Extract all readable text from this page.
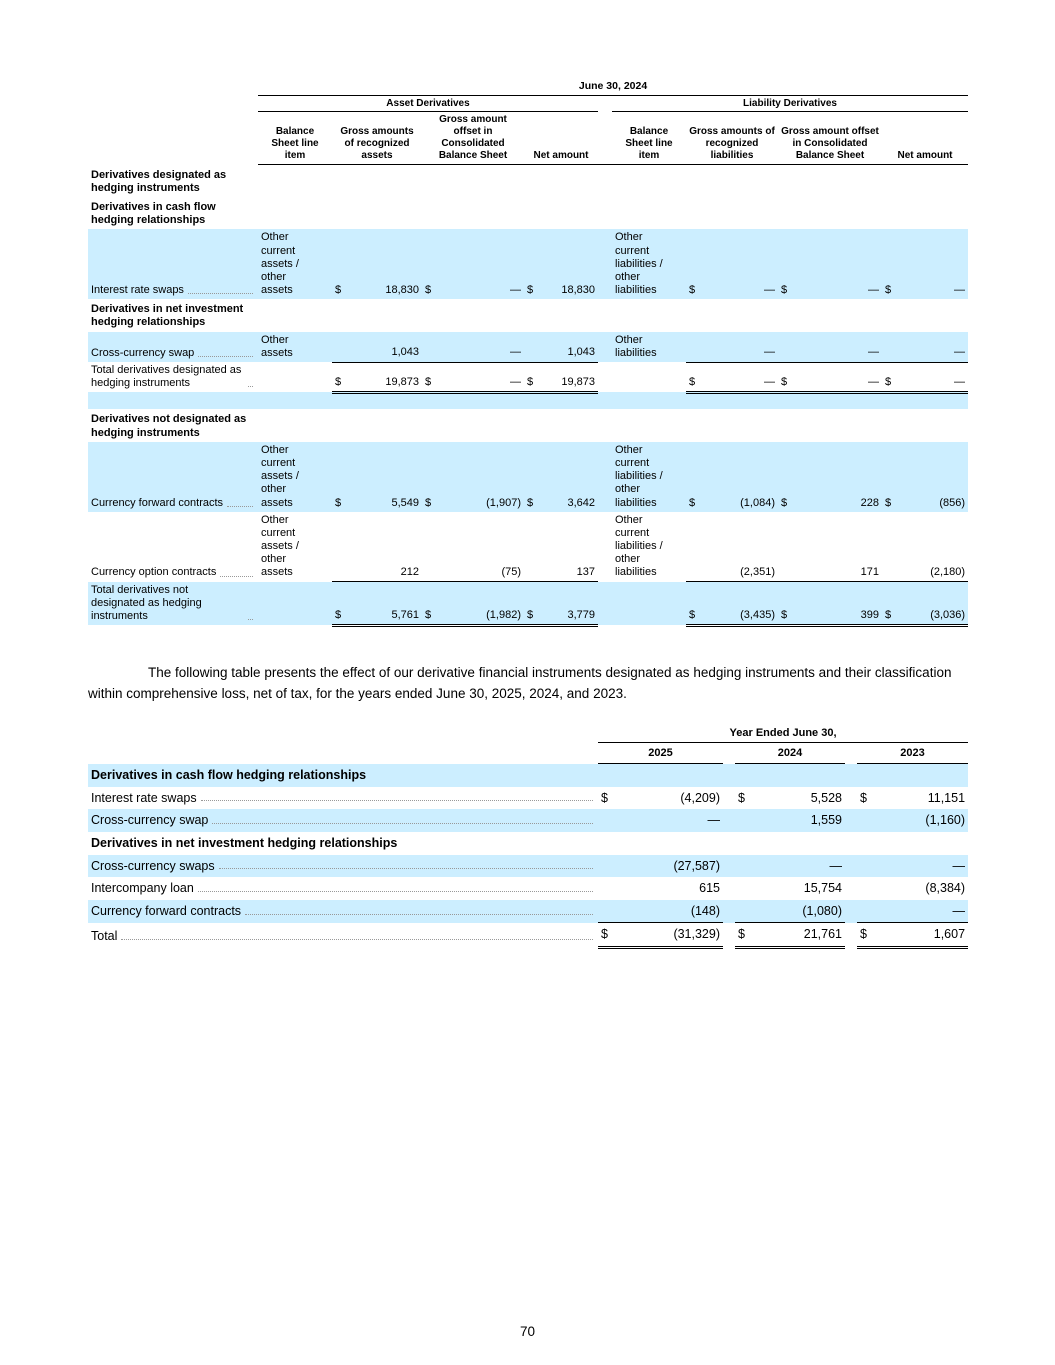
	June 30, 2024								
	Asset Derivatives					Liability Derivatives			
	Balance Sheet line item	Gross amounts of recognized assets	Gross amount offset in Consolidated Balance Sheet	Net amount		Balance Sheet line item	Gross amounts of recognized liabilities	Gross amount offset in Consolidated Balance Sheet	Net amount

Derivatives designated as hedging instruments									

Derivatives in cash flow hedging relationships									

Interest rate swaps	Other current assets / other assets	$ 18,830	$ —	$ 18,830		Other current liabilities / other liabilities	$ —	$ —	$ —

Derivatives in net investment hedging relationships									

Cross-currency swap	Other assets	1,043	—	1,043		Other liabilities	—	—	—

Total derivatives designated as hedging instruments		$ 19,873	$ —	$ 19,873			$ —	$ —	$ —

Derivatives not designated as hedging instruments									

Currency forward contracts	Other current assets / other assets	$ 5,549	$ (1,907)	$ 3,642		Other current liabilities / other liabilities	$ (1,084)	$ 228	$ (856)

Currency option contracts	Other current assets / other assets	212	(75)	137		Other current liabilities / other liabilities	(2,351)	171	(2,180)

Total derivatives not designated as hedging instruments		$ 5,761	$ (1,982)	$ 3,779			$ (3,435)	$ 399	$ (3,036)

The following table presents the effect of our derivative financial instruments designated as hedging instruments and their classification within comprehensive loss, net of tax, for the years ended June 30, 2025, 2024, and 2023.

	Year Ended June 30,				
	2025		2024		2023
Derivatives in cash flow hedging relationships					

Interest rate swaps	$ (4,209)		$ 5,528		$ 11,151

Cross-currency swap	—		1,559		(1,160)

Derivatives in net investment hedging relationships					

Cross-currency swaps	(27,587)		—		—

Intercompany loan	615		15,754		(8,384)

Currency forward contracts	(148)		(1,080)		—

Total	$ (31,329)		$ 21,761		$ 1,607
70
